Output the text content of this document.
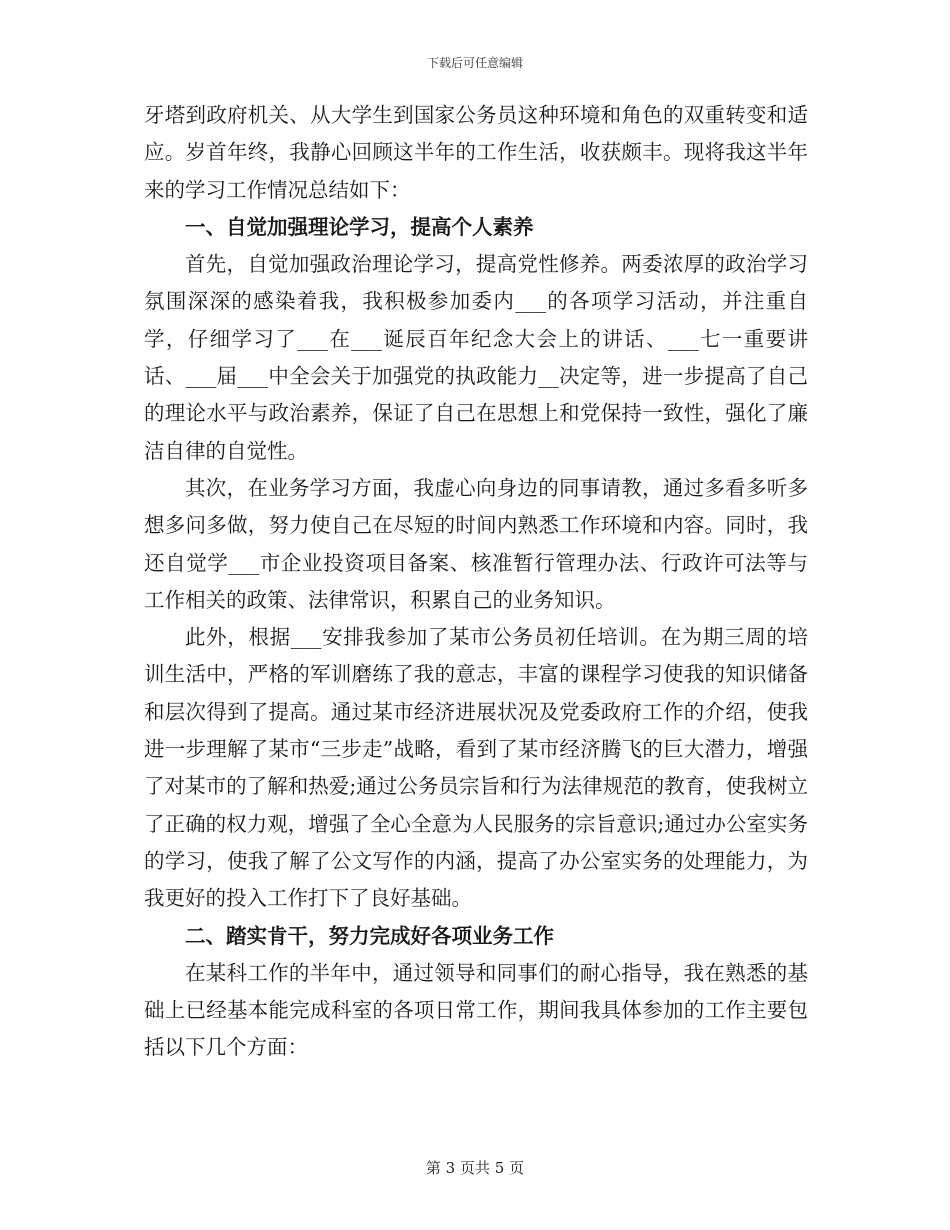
下载后可任意编辑

牙塔到政府机关、从大学生到国家公务员这种环境和角色的双重转变和适应。岁首年终，我静心回顾这半年的工作生活，收获颇丰。现将我这半年来的学习工作情况总结如下：

一、自觉加强理论学习，提高个人素养

首先，自觉加强政治理论学习，提高党性修养。两委浓厚的政治学习氛围深深的感染着我，我积极参加委内___的各项学习活动，并注重自学，仔细学习了___在___诞辰百年纪念大会上的讲话、___七一重要讲话、___届___中全会关于加强党的执政能力__决定等，进一步提高了自己的理论水平与政治素养，保证了自己在思想上和党保持一致性，强化了廉洁自律的自觉性。

其次，在业务学习方面，我虚心向身边的同事请教，通过多看多听多想多问多做，努力使自己在尽短的时间内熟悉工作环境和内容。同时，我还自觉学___市企业投资项目备案、核准暂行管理办法、行政许可法等与工作相关的政策、法律常识，积累自己的业务知识。

此外，根据___安排我参加了某市公务员初任培训。在为期三周的培训生活中，严格的军训磨练了我的意志，丰富的课程学习使我的知识储备和层次得到了提高。通过某市经济进展状况及党委政府工作的介绍，使我进一步理解了某市“三步走”战略，看到了某市经济腾飞的巨大潜力，增强了对某市的了解和热爱;通过公务员宗旨和行为法律规范的教育，使我树立了正确的权力观，增强了全心全意为人民服务的宗旨意识;通过办公室实务的学习，使我了解了公文写作的内涵，提高了办公室实务的处理能力，为我更好的投入工作打下了良好基础。

二、踏实肯干，努力完成好各项业务工作

在某科工作的半年中，通过领导和同事们的耐心指导，我在熟悉的基础上已经基本能完成科室的各项日常工作，期间我具体参加的工作主要包括以下几个方面：

第 3 页共 5 页
